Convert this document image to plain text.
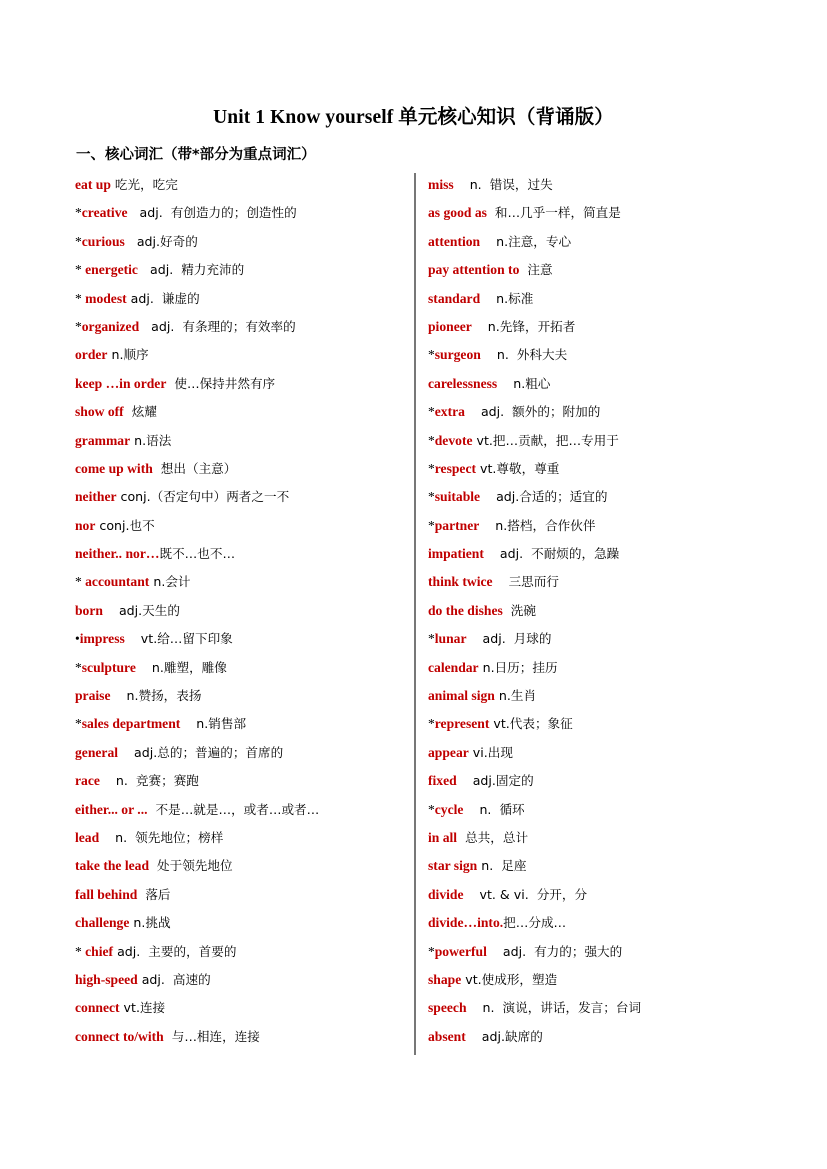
Unit 1 Know yourself 单元核心知识（背诵版）
一、核心词汇（带*部分为重点词汇）
eat up 吃光，吃完
*creative   adj.  有创造力的；创造性的
*curious   adj.好奇的
* energetic   adj.  精力充沛的
* modest adj.  谦虚的
*organized   adj.  有条理的；有效率的
order n.顺序
keep …in order  使…保持井然有序
show off  炫耀
grammar n.语法
come up with  想出（主意）
neither conj.（否定句中）两者之一不
nor conj.也不
neither.. nor…既不…也不…
* accountant n.会计
born    adj.天生的
•impress    vt.给…留下印象
*sculpture    n.雕塑，雕像
praise    n.赞扬，表扬
*sales department    n.销售部
general    adj.总的；普遍的；首席的
race    n.  竞赛；赛跑
either... or ...  不是…就是…，或者…或者…
lead    n.  领先地位；榜样
take the lead  处于领先地位
fall behind  落后
challenge n.挑战
* chief adj.  主要的，首要的
high-speed adj.  高速的
connect vt.连接
connect to/with  与…相连，连接
miss    n.  错误，过失
as good as  和…几乎一样，简直是
attention    n.注意，专心
pay attention to  注意
standard    n.标准
pioneer    n.先锋，开拓者
*surgeon    n.  外科大夫
carelessness    n.粗心
*extra    adj.  额外的；附加的
*devote vt.把…贡献，把…专用于
*respect vt.尊敬，尊重
*suitable    adj.合适的；适宜的
*partner    n.搭档，合作伙伴
impatient    adj.  不耐烦的，急躁
think twice    三思而行
do the dishes  洗碗
*lunar    adj.  月球的
calendar n.日历；挂历
animal sign n.生肖
*represent vt.代表；象征
appear vi.出现
fixed    adj.固定的
*cycle    n.  循环
in all  总共，总计
star sign n.  足座
divide    vt. & vi.  分开，分
divide…into.把…分成…
*powerful    adj.  有力的；强大的
shape vt.使成形，塑造
speech    n.  演说，讲话，发言；台词
absent    adj.缺席的
